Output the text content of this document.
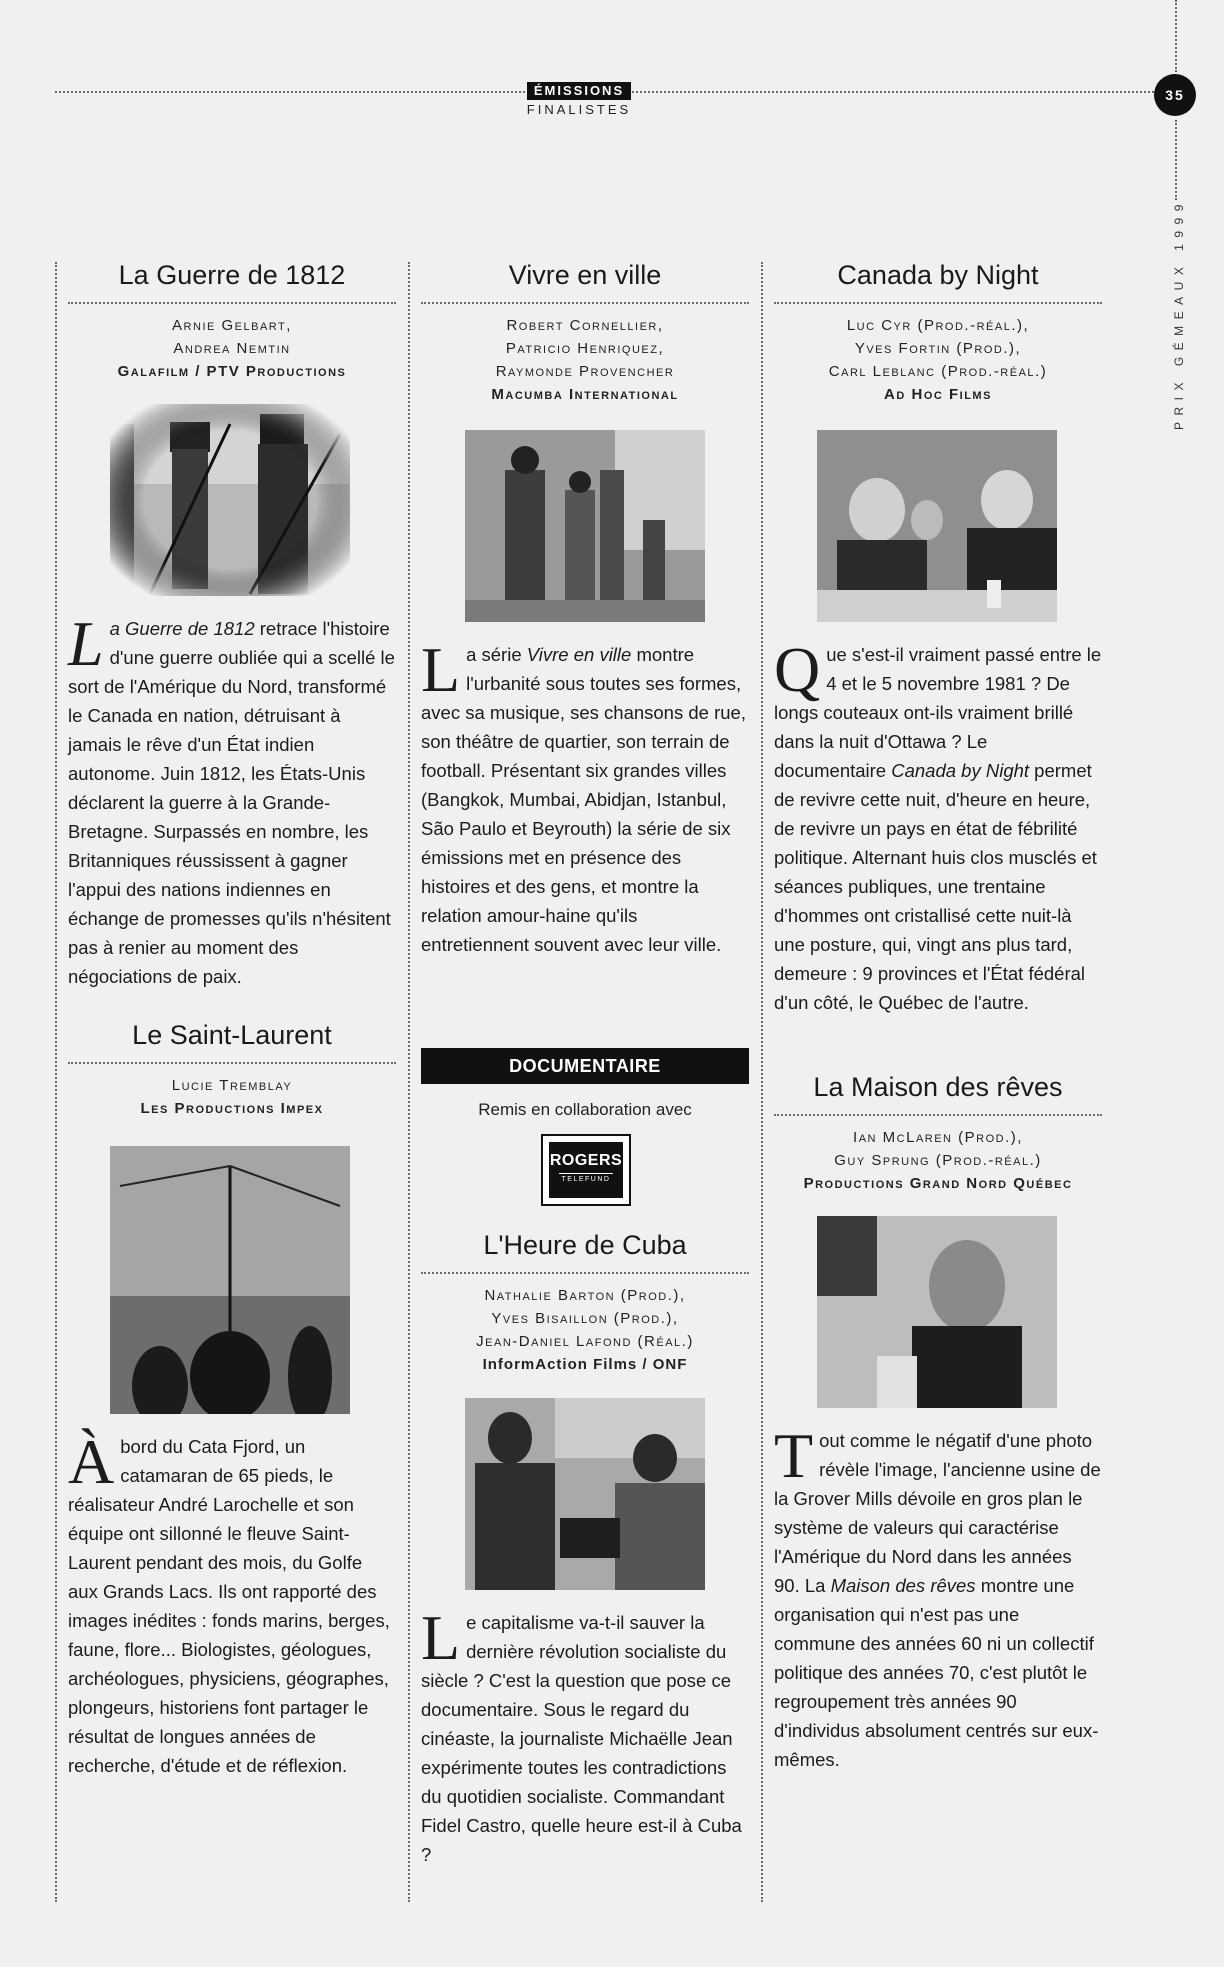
ÉMISSIONS
FINALISTES
35
PRIX GÉMEAUX 1999
La Guerre de 1812
Arnie Gelbart,
Andrea Nemtin
Galafilm / PTV Productions
La Guerre de 1812 retrace l'histoire d'une guerre oubliée qui a scellé le sort de l'Amérique du Nord, transformé le Canada en nation, détruisant à jamais le rêve d'un État indien autonome. Juin 1812, les États-Unis déclarent la guerre à la Grande-Bretagne. Surpassés en nombre, les Britanniques réussissent à gagner l'appui des nations indiennes en échange de promesses qu'ils n'hésitent pas à renier au moment des négociations de paix.
Le Saint-Laurent
Lucie Tremblay
Les Productions Impex
Àbord du Cata Fjord, un catamaran de 65 pieds, le réalisateur André Larochelle et son équipe ont sillonné le fleuve Saint-Laurent pendant des mois, du Golfe aux Grands Lacs. Ils ont rapporté des images inédites : fonds marins, berges, faune, flore... Biologistes, géologues, archéologues, physiciens, géographes, plongeurs, historiens font partager le résultat de longues années de recherche, d'étude et de réflexion.
Vivre en ville
Robert Cornellier,
Patricio Henriquez,
Raymonde Provencher
Macumba International
La série Vivre en ville montre l'urbanité sous toutes ses formes, avec sa musique, ses chansons de rue, son théâtre de quartier, son terrain de football. Présentant six grandes villes (Bangkok, Mumbai, Abidjan, Istanbul, São Paulo et Beyrouth) la série de six émissions met en présence des histoires et des gens, et montre la relation amour-haine qu'ils entretiennent souvent avec leur ville.
DOCUMENTAIRE
Remis en collaboration avec
ROGERS
TELEFUND
L'Heure de Cuba
Nathalie Barton (Prod.),
Yves Bisaillon (Prod.),
Jean-Daniel Lafond (Réal.)
InformAction Films / ONF
Le capitalisme va-t-il sauver la dernière révolution socialiste du siècle ? C'est la question que pose ce documentaire. Sous le regard du cinéaste, la journaliste Michaëlle Jean expérimente toutes les contradictions du quotidien socialiste. Commandant Fidel Castro, quelle heure est-il à Cuba ?
Canada by Night
Luc Cyr (Prod.-réal.),
Yves Fortin (Prod.),
Carl Leblanc (Prod.-réal.)
Ad Hoc Films
Que s'est-il vraiment passé entre le 4 et le 5 novembre 1981 ? De longs couteaux ont-ils vraiment brillé dans la nuit d'Ottawa ? Le documentaire Canada by Night permet de revivre cette nuit, d'heure en heure, de revivre un pays en état de fébrilité politique. Alternant huis clos musclés et séances publiques, une trentaine d'hommes ont cristallisé cette nuit-là une posture, qui, vingt ans plus tard, demeure : 9 provinces et l'État fédéral d'un côté, le Québec de l'autre.
La Maison des rêves
Ian McLaren (Prod.),
Guy Sprung (Prod.-réal.)
Productions Grand Nord Québec
Tout comme le négatif d'une photo révèle l'image, l'ancienne usine de la Grover Mills dévoile en gros plan le système de valeurs qui caractérise l'Amérique du Nord dans les années 90. La Maison des rêves montre une organisation qui n'est pas une commune des années 60 ni un collectif politique des années 70, c'est plutôt le regroupement très années 90 d'individus absolument centrés sur eux-mêmes.
